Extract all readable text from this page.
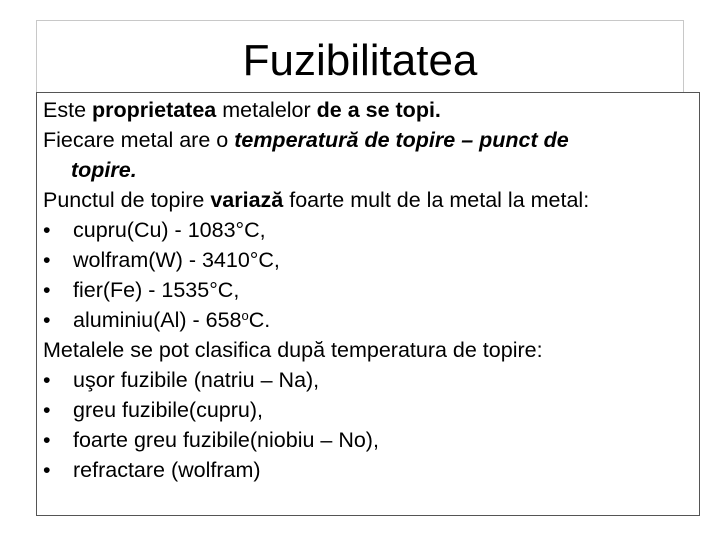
Fuzibilitatea
Este proprietatea metalelor de a se topi.
Fiecare metal are o temperatură de topire – punct de
topire.
Punctul de topire variază foarte mult de la metal la metal:
•	cupru(Cu) - 1083°C,
•	wolfram(W) - 3410°C,
•	fier(Fe) - 1535°C,
•	aluminiu(Al) - 658$^o$C.
Metalele se pot clasifica după temperatura de topire:
•	uşor fuzibile (natriu – Na),
•	greu fuzibile(cupru),
•	foarte greu fuzibile(niobiu – No),
•	refractare (wolfram)
